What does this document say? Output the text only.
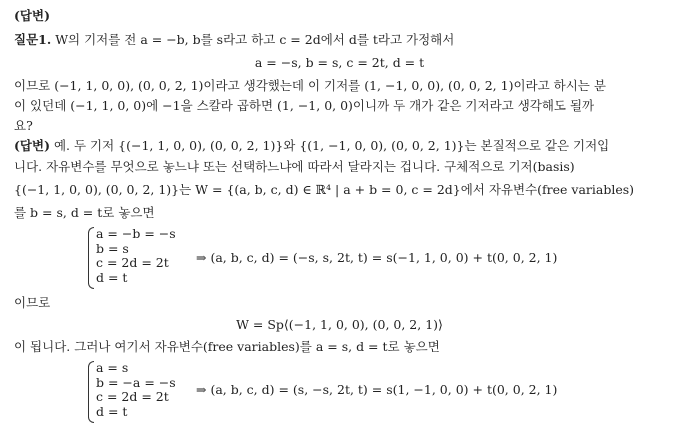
(답변)
질문1. W의 기저를 전 a = −b, b를 s라고 하고 c = 2d에서 d를 t라고 가정해서
a = −s, b = s, c = 2t, d = t
이므로 (−1, 1, 0, 0), (0, 0, 2, 1)이라고 생각했는데 이 기저를 (1, −1, 0, 0), (0, 0, 2, 1)이라고 하시는 분
이 있던데 (−1, 1, 0, 0)에 −1을 스칼라 곱하면 (1, −1, 0, 0)이니까 두 개가 같은 기저라고 생각해도 될까
요?
(답변) 예. 두 기저 {(−1, 1, 0, 0), (0, 0, 2, 1)}와 {(1, −1, 0, 0), (0, 0, 2, 1)}는 본질적으로 같은 기저입
니다. 자유변수를 무엇으로 놓느냐 또는 선택하느냐에 따라서 달라지는 겁니다. 구체적으로 기저(basis)
{(−1, 1, 0, 0), (0, 0, 2, 1)}는 W = {(a, b, c, d) ∈ ℝ⁴ | a + b = 0, c = 2d}에서 자유변수(free variables)
를 b = s, d = t로 놓으면
a = −b = −s
b = s
c = 2d = 2t
d = t
⇒ (a, b, c, d) = (−s, s, 2t, t) = s(−1, 1, 0, 0) + t(0, 0, 2, 1)
이므로
W = Sp⟨(−1, 1, 0, 0), (0, 0, 2, 1)⟩
이 됩니다. 그러나 여기서 자유변수(free variables)를 a = s, d = t로 놓으면
a = s
b = −a = −s
c = 2d = 2t
d = t
⇒ (a, b, c, d) = (s, −s, 2t, t) = s(1, −1, 0, 0) + t(0, 0, 2, 1)
